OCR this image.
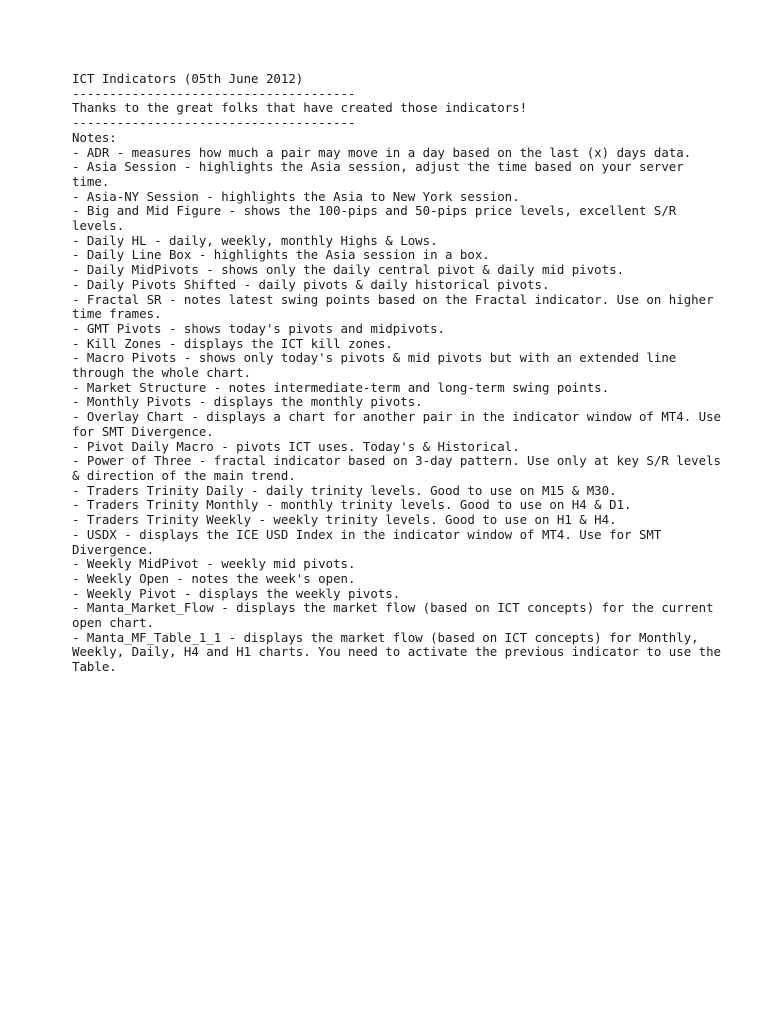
ICT Indicators (05th June 2012)

--------------------------------------

Thanks to the great folks that have created those indicators!

--------------------------------------

Notes:

- ADR - measures how much a pair may move in a day based on the last (x) days data.

- Asia Session - highlights the Asia session, adjust the time based on your server time.

- Asia-NY Session - highlights the Asia to New York session.

- Big and Mid Figure - shows the 100-pips and 50-pips price levels, excellent S/R levels.

- Daily HL - daily, weekly, monthly Highs & Lows.

- Daily Line Box - highlights the Asia session in a box.

- Daily MidPivots - shows only the daily central pivot & daily mid pivots.

- Daily Pivots Shifted - daily pivots & daily historical pivots.

- Fractal SR - notes latest swing points based on the Fractal indicator. Use on higher time frames.

- GMT Pivots - shows today's pivots and midpivots.

- Kill Zones - displays the ICT kill zones.

- Macro Pivots - shows only today's pivots & mid pivots but with an extended line through the whole chart.

- Market Structure - notes intermediate-term and long-term swing points.

- Monthly Pivots - displays the monthly pivots.

- Overlay Chart - displays a chart for another pair in the indicator window of MT4. Use for SMT Divergence.

- Pivot Daily Macro - pivots ICT uses. Today's & Historical.

- Power of Three - fractal indicator based on 3-day pattern. Use only at key S/R levels & direction of the main trend.

- Traders Trinity Daily - daily trinity levels. Good to use on M15 & M30.

- Traders Trinity Monthly - monthly trinity levels. Good to use on H4 & D1.

- Traders Trinity Weekly - weekly trinity levels. Good to use on H1 & H4.

- USDX - displays the ICE USD Index in the indicator window of MT4. Use for SMT Divergence.

- Weekly MidPivot - weekly mid pivots.

- Weekly Open - notes the week's open.

- Weekly Pivot - displays the weekly pivots.

- Manta_Market_Flow - displays the market flow (based on ICT concepts) for the current open chart.

- Manta_MF_Table_1_1 - displays the market flow (based on ICT concepts) for Monthly, Weekly, Daily, H4 and H1 charts. You need to activate the previous indicator to use the Table.
